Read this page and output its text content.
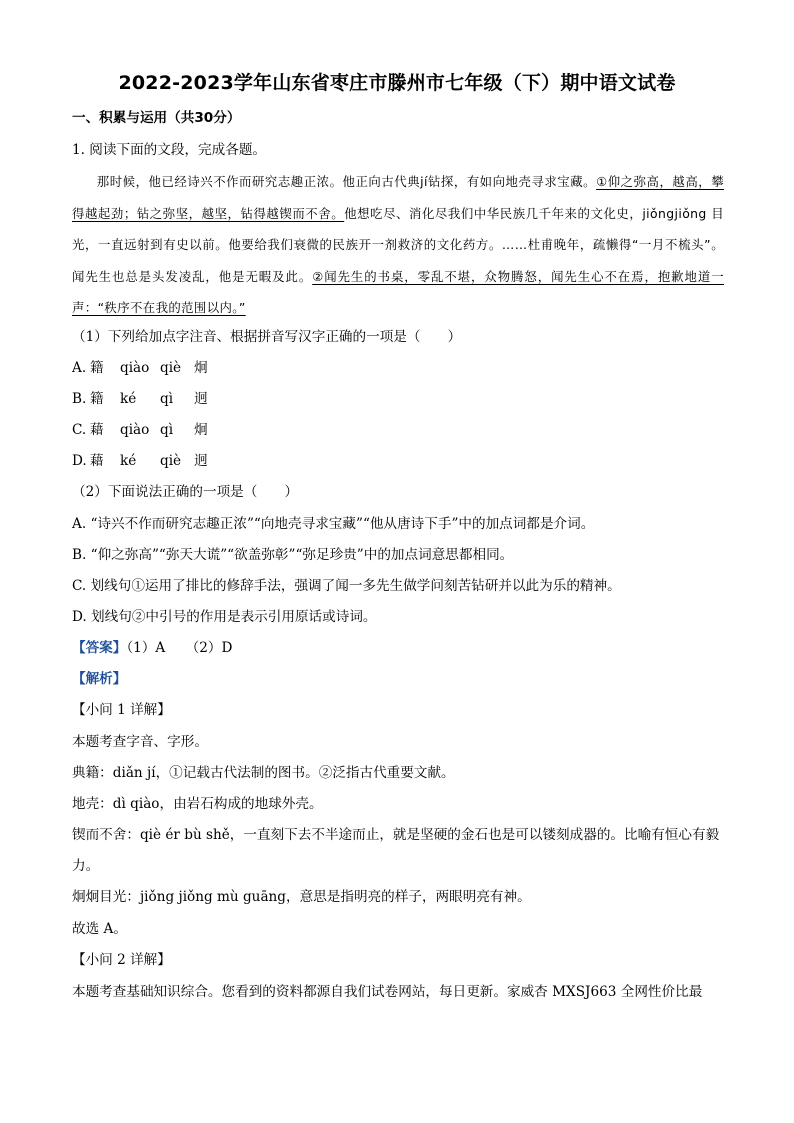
2022-2023学年山东省枣庄市滕州市七年级（下）期中语文试卷
一、积累与运用（共30分）
1. 阅读下面的文段，完成各题。

那时候，他已经诗兴不作而研究志趣正浓。他正向古代典jí钻探，有如向地壳寻求宝藏。①仰之弥高，越高，攀得越起劲；钻之弥坚，越坚，钻得越锲而不舍。他想吃尽、消化尽我们中华民族几千年来的文化史，jiǒngjiǒng 目光，一直远射到有史以前。他要给我们衰微的民族开一剂救济的文化药方。……杜甫晚年，疏懒得“一月不梳头”。闻先生也总是头发凌乱，他是无暇及此。②闻先生的书桌，零乱不堪，众物腾怒，闻先生心不在焉，抱歉地道一声：“秩序不在我的范围以内。”

（1）下列给加点字注音、根据拼音写汉字正确的一项是（　　）
A. 籍 qiào qiè 炯
B. 籍 ké qì 迥
C. 藉 qiào qì 炯
D. 藉 ké qiè 迥
（2）下面说法正确的一项是（　　）
A. “诗兴不作而研究志趣正浓”“向地壳寻求宝藏”“他从唐诗下手”中的加点词都是介词。
B. “仰之弥高”“弥天大谎”“欲盖弥彰”“弥足珍贵”中的加点词意思都相同。
C. 划线句①运用了排比的修辞手法，强调了闻一多先生做学问刻苦钻研并以此为乐的精神。
D. 划线句②中引号的作用是表示引用原话或诗词。
【答案】（1）A　　（2）D
【解析】
【小问 1 详解】
本题考查字音、字形。
典籍：diǎn jí，①记载古代法制的图书。②泛指古代重要文献。
地壳：dì qiào，由岩石构成的地球外壳。
锲而不舍：qiè ér bù shě，一直刻下去不半途而止，就是坚硬的金石也是可以镂刻成器的。比喻有恒心有毅
力。
炯炯目光：jiǒng jiǒng mù guāng，意思是指明亮的样子，两眼明亮有神。
故选 A。
【小问 2 详解】
本题考查基础知识综合。您看到的资料都源自我们试卷网站，每日更新。家威杏 MXSJ663 全网性价比最
